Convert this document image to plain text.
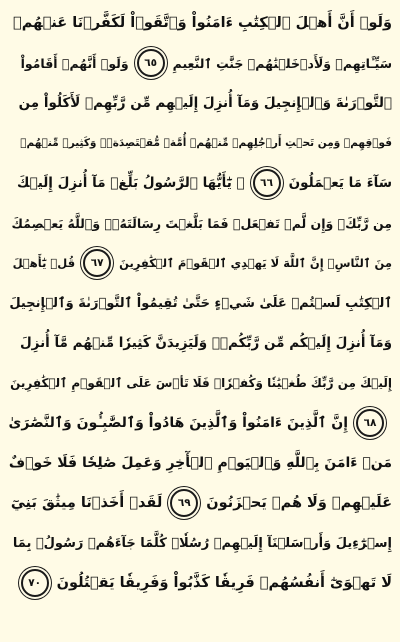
وَلَوۡ أَنَّ أَهۡلَ ٱلۡكِتَٰبِ ءَامَنُواْ وَٱتَّقَوۡاْ لَكَفَّرۡنَا عَنۡهُمۡ
سَيِّـَٔاتِهِمۡ وَلَأَدۡخَلۡنَٰهُمۡ جَنَّٰتِ ٱلنَّعِيمِ
٦٥
وَلَوۡ أَنَّهُمۡ أَقَامُواْ
ٱلتَّوۡرَىٰةَ وَٱلۡإِنجِيلَ وَمَآ أُنزِلَ إِلَيۡهِم مِّن رَّبِّهِمۡ لَأَكَلُواْ مِن
فَوۡقِهِمۡ وَمِن تَحۡتِ أَرۡجُلِهِمۚ مِّنۡهُمۡ أُمَّةٞ مُّقۡتَصِدَةٞۖ وَكَثِيرٞ مِّنۡهُمۡ
سَآءَ مَا يَعۡمَلُونَ
٦٦
۞ يَٰٓأَيُّهَا ٱلرَّسُولُ بَلِّغۡ مَآ أُنزِلَ إِلَيۡكَ
مِن رَّبِّكَۖ وَإِن لَّمۡ تَفۡعَلۡ فَمَا بَلَّغۡتَ رِسَالَتَهُۥۚ وَٱللَّهُ يَعۡصِمُكَ
مِنَ ٱلنَّاسِۗ إِنَّ ٱللَّهَ لَا يَهۡدِي ٱلۡقَوۡمَ ٱلۡكَٰفِرِينَ
٦٧
قُلۡ يَٰٓأَهۡلَ
ٱلۡكِتَٰبِ لَسۡتُمۡ عَلَىٰ شَيۡءٍ حَتَّىٰ تُقِيمُواْ ٱلتَّوۡرَىٰةَ وَٱلۡإِنجِيلَ
وَمَآ أُنزِلَ إِلَيۡكُم مِّن رَّبِّكُمۡۗ وَلَيَزِيدَنَّ كَثِيرٗا مِّنۡهُم مَّآ أُنزِلَ
إِلَيۡكَ مِن رَّبِّكَ طُغۡيَٰنٗا وَكُفۡرٗاۖ فَلَا تَأۡسَ عَلَى ٱلۡقَوۡمِ ٱلۡكَٰفِرِينَ
٦٨
إِنَّ ٱلَّذِينَ ءَامَنُواْ وَٱلَّذِينَ هَادُواْ وَٱلصَّٰبِـُٔونَ وَٱلنَّصَٰرَىٰ
مَنۡ ءَامَنَ بِٱللَّهِ وَٱلۡيَوۡمِ ٱلۡأٓخِرِ وَعَمِلَ صَٰلِحٗا فَلَا خَوۡفٌ
عَلَيۡهِمۡ وَلَا هُمۡ يَحۡزَنُونَ
٦٩
لَقَدۡ أَخَذۡنَا مِيثَٰقَ بَنِيٓ
إِسۡرَٰٓءِيلَ وَأَرۡسَلۡنَآ إِلَيۡهِمۡ رُسُلٗاۖ كُلَّمَا جَآءَهُمۡ رَسُولُۢ بِمَا
لَا تَهۡوَىٰٓ أَنفُسُهُمۡ فَرِيقٗا كَذَّبُواْ وَفَرِيقٗا يَقۡتُلُونَ
٧٠
